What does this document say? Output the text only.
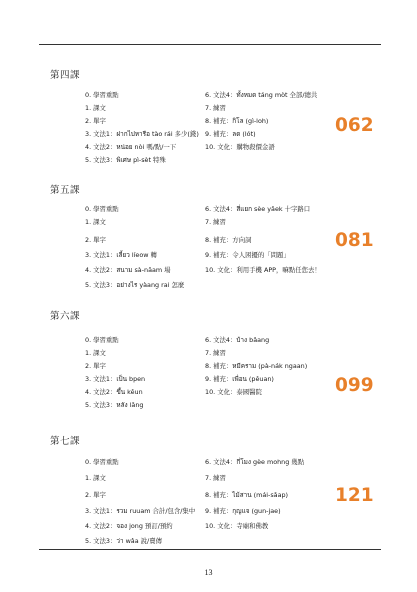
第四課
0. 學習重點
1. 課文
2. 單字
3. 文法1：ฝากไปหารือ tào rái 多少(錢)
4. 文法2：หน่อย nòi 嗎/點/一下
5. 文法3：พิเศษ pì-sèt 特殊
6. 文法4：ทั้งหมด táng mòt 全部/總共
7. 練習
8. 補充：กิโล (gì-loh)
9. 補充：ลด (lót)
10. 文化：購物殺價金語
062
第五課
0. 學習重點
1. 課文
2. 單字
3. 文法1：เลี้ยว líeow 轉
4. 文法2：สนาม sà-nāam 場
5. 文法3：อย่างไร yàang rai 怎麼
6. 文法4：สี่แยก sèe yǎek 十字路口
7. 練習
8. 補充：方向詞
9. 補充：令人困擾的「問題」
10. 文化：利用手機 APP，嘛點任您去！
081
第六課
0. 學習重點
1. 課文
2. 單字
3. 文法1：เป็น bpen
4. 文法2：ขึ้น kêun
5. 文法3：หลัง lǎng
6. 文法4：บ้าง bâang
7. 練習
8. 補充：หมีคราม (pà-nák ngaan)
9. 補充：เพื่อน (pêuan)
10. 文化：泰國醫院	099
第七課
0. 學習重點
1. 課文
2. 單字
3. 文法1：รวม ruuam 合計/包含/集中
4. 文法2：จอง jong 預訂/預約
5. 文法3：ว่า wâa 說/賣傳
6. 文法4：กี่โมง gèe mohng 幾點
7. 練習
8. 補充：ไม้สาน (mái-sǎap)
9. 補充：กุญแจ (gun-jae)
10. 文化：寺廟和佛教
121
13
